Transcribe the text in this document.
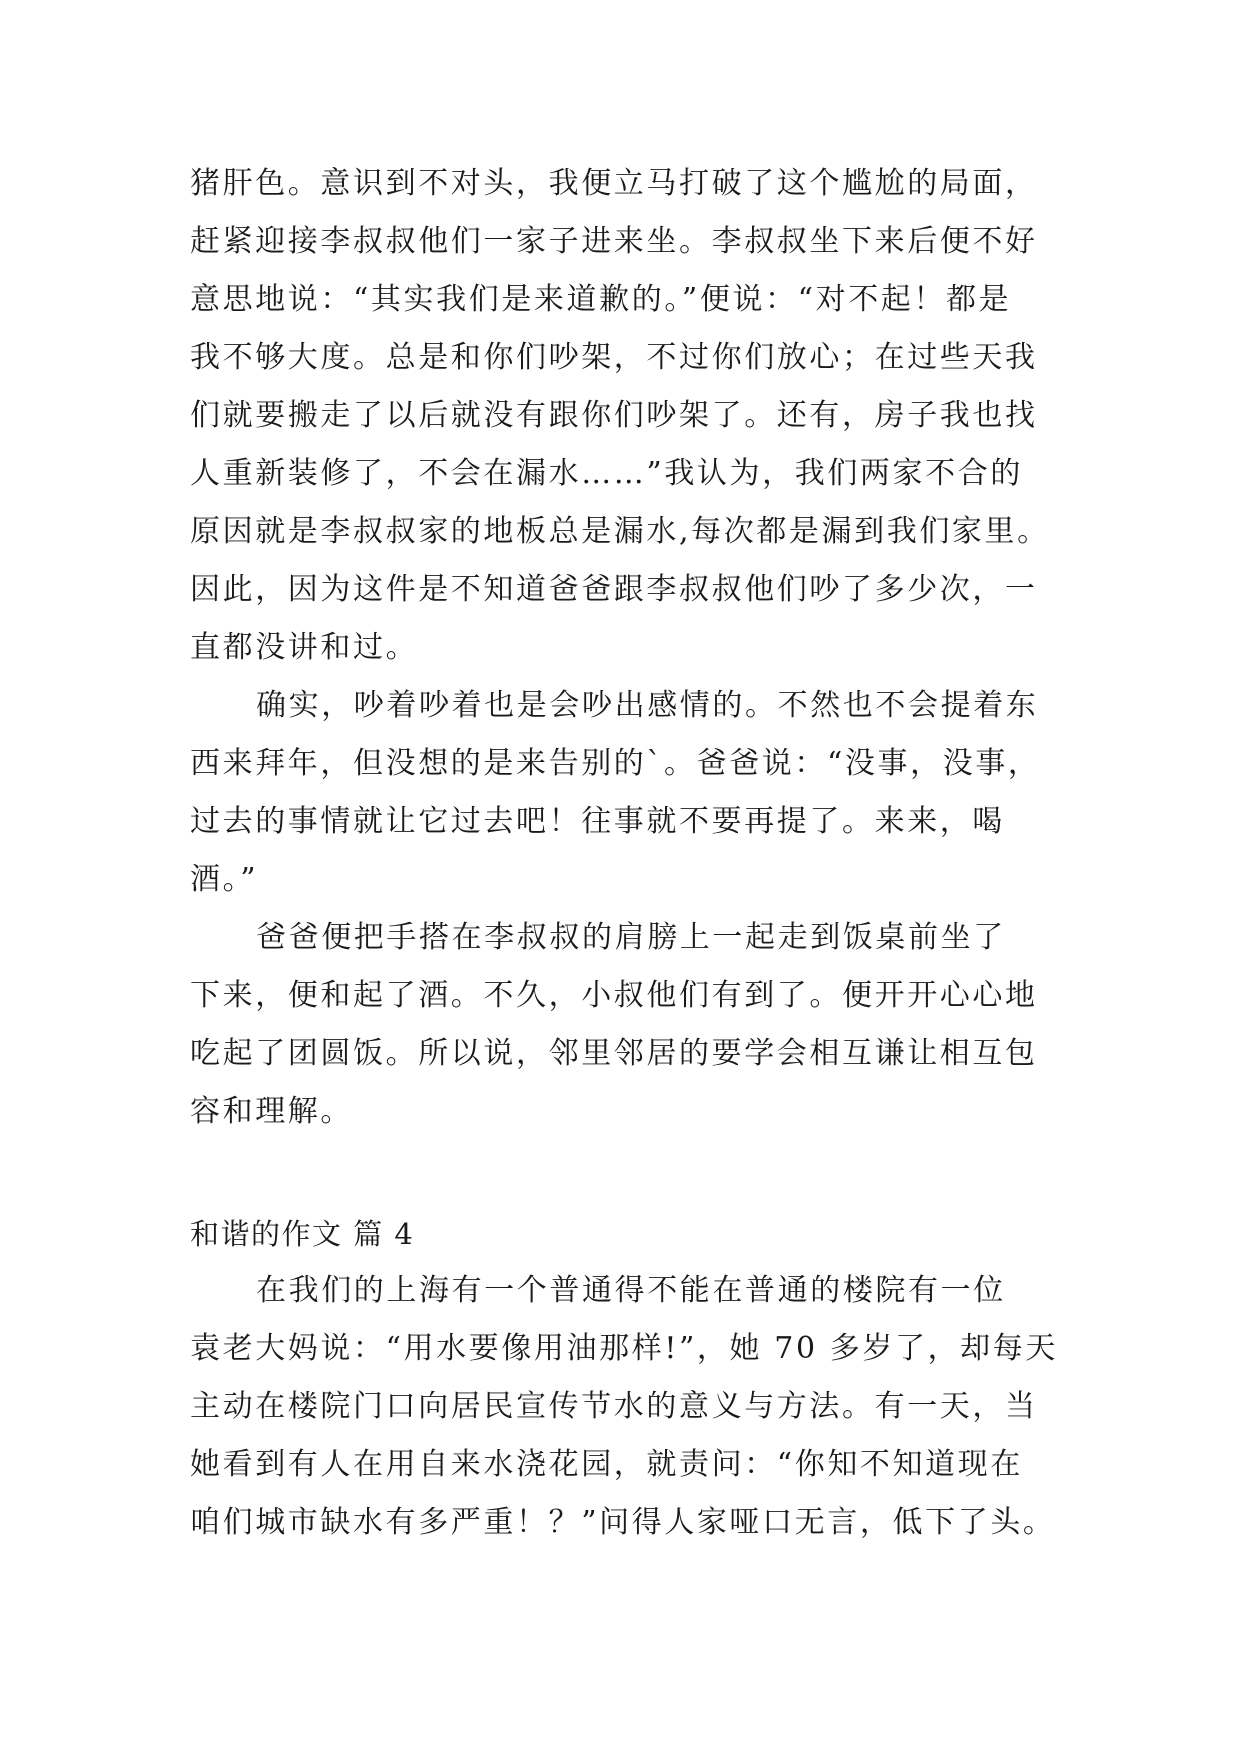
猪肝色。意识到不对头，我便立马打破了这个尴尬的局面，
赶紧迎接李叔叔他们一家子进来坐。李叔叔坐下来后便不好
意思地说：“其实我们是来道歉的。”便说：“对不起！都是
我不够大度。总是和你们吵架，不过你们放心；在过些天我
们就要搬走了以后就没有跟你们吵架了。还有，房子我也找
人重新装修了，不会在漏水……”我认为，我们两家不合的
原因就是李叔叔家的地板总是漏水,每次都是漏到我们家里。
因此，因为这件是不知道爸爸跟李叔叔他们吵了多少次，一
直都没讲和过。
确实，吵着吵着也是会吵出感情的。不然也不会提着东
西来拜年，但没想的是来告别的`。爸爸说：“没事，没事，
过去的事情就让它过去吧！往事就不要再提了。来来，喝
酒。”
爸爸便把手搭在李叔叔的肩膀上一起走到饭桌前坐了
下来，便和起了酒。不久，小叔他们有到了。便开开心心地
吃起了团圆饭。所以说，邻里邻居的要学会相互谦让相互包
容和理解。
和谐的作文 篇 4
在我们的上海有一个普通得不能在普通的楼院有一位
袁老大妈说：“用水要像用油那样!”，她 70 多岁了，却每天
主动在楼院门口向居民宣传节水的意义与方法。有一天，当
她看到有人在用自来水浇花园，就责问：“你知不知道现在
咱们城市缺水有多严重！？”问得人家哑口无言，低下了头。
